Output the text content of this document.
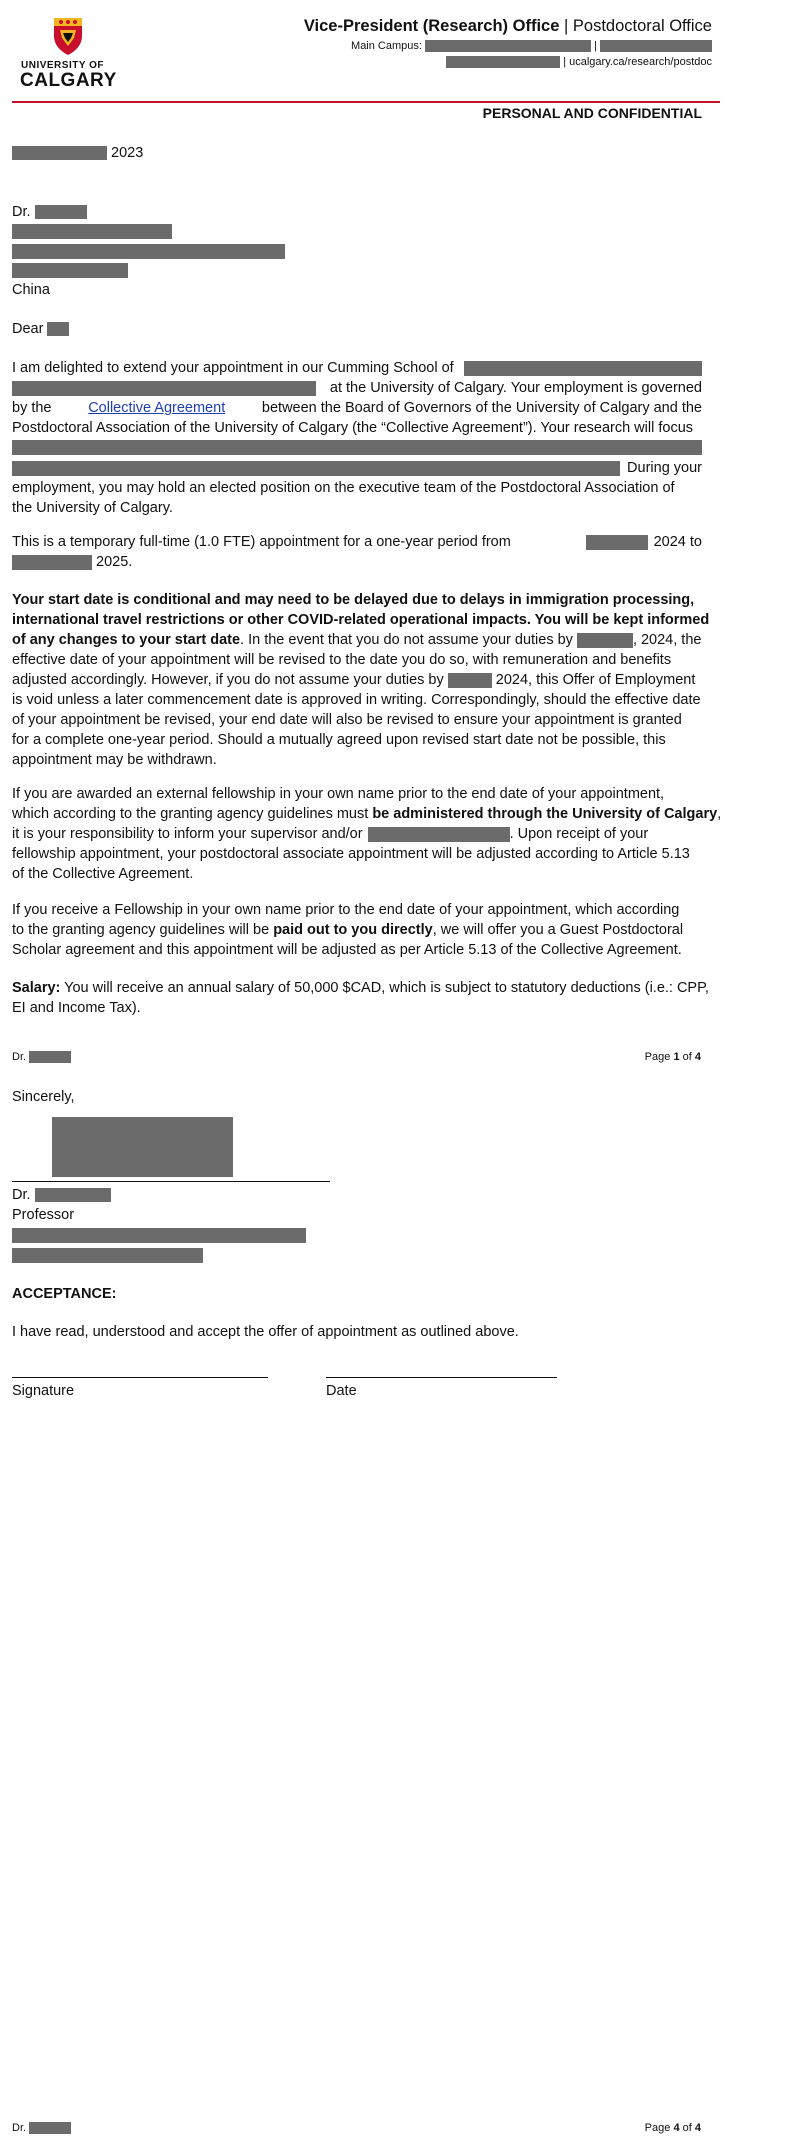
UNIVERSITY OF
CALGARY
Vice-President (Research) Office | Postdoctoral Office
Main Campus:	|
| ucalgary.ca/research/postdoc
PERSONAL AND CONFIDENTIAL
2023
Dr.
China
Dear
I am delighted to extend your appointment in our Cumming School of
at the University of Calgary. Your employment is governed
by the	Collective Agreement	between the Board of Governors of the University of Calgary and the
Postdoctoral Association of the University of Calgary (the “Collective Agreement”). Your research will focus
During your
employment, you may hold an elected position on the executive team of the Postdoctoral Association of
the University of Calgary.
This is a temporary full-time (1.0 FTE) appointment for a one-year period from	2024 to
2025.
Your start date is conditional and may need to be delayed due to delays in immigration processing,
international travel restrictions or other COVID-related operational impacts. You will be kept informed
of any changes to your start date . In the event that you do not assume your duties by	, 2024, the
effective date of your appointment will be revised to the date you do so, with remuneration and benefits
adjusted accordingly. However, if you do not assume your duties by	2024, this Offer of Employment
is void unless a later commencement date is approved in writing. Correspondingly, should the effective date
of your appointment be revised, your end date will also be revised to ensure your appointment is granted
for a complete one-year period. Should a mutually agreed upon revised start date not be possible, this
appointment may be withdrawn.
If you are awarded an external fellowship in your own name prior to the end date of your appointment,
which according to the granting agency guidelines must be administered through the University of Calgary,
it is your responsibility to inform your supervisor and/or	. Upon receipt of your
fellowship appointment, your postdoctoral associate appointment will be adjusted according to Article 5.13
of the Collective Agreement.
If you receive a Fellowship in your own name prior to the end date of your appointment, which according
to the granting agency guidelines will be paid out to you directly, we will offer you a Guest Postdoctoral
Scholar agreement and this appointment will be adjusted as per Article 5.13 of the Collective Agreement.
Salary: You will receive an annual salary of 50,000 $CAD, which is subject to statutory deductions (i.e.: CPP,
EI and Income Tax).
Dr.	Page 1 of 4
Sincerely,
Dr.
Professor
ACCEPTANCE:
I have read, understood and accept the offer of appointment as outlined above.
Signature	Date
Dr.	Page 4 of 4
